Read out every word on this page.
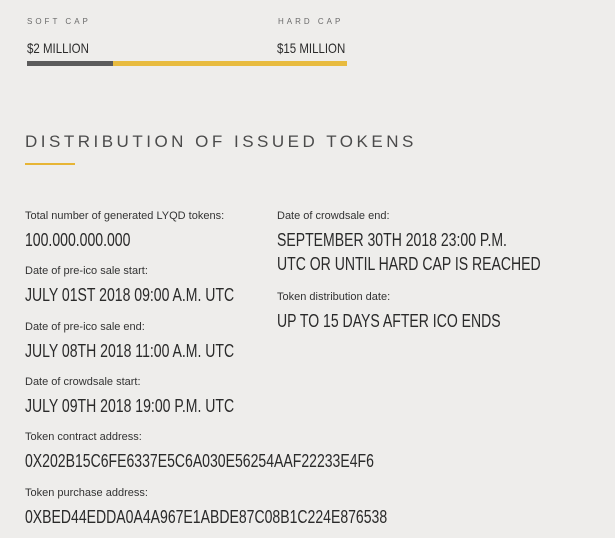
SOFT CAP
$2 MILLION
HARD CAP
$15 MILLION
DISTRIBUTION OF ISSUED TOKENS
Total number of generated LYQD tokens:
100.000.000.000
Date of pre-ico sale start:
JULY 01ST 2018 09:00 A.M. UTC
Date of pre-ico sale end:
JULY 08TH 2018 11:00 A.M. UTC
Date of crowdsale start:
JULY 09TH 2018 19:00 P.M. UTC
Token contract address:
0X202B15C6FE6337E5C6A030E56254AAF22233E4F6
Token purchase address:
0XBED44EDDA0A4A967E1ABDE87C08B1C224E876538
Date of crowdsale end:
SEPTEMBER 30TH 2018 23:00 P.M.
UTC OR UNTIL HARD CAP IS REACHED
Token distribution date:
UP TO 15 DAYS AFTER ICO ENDS
